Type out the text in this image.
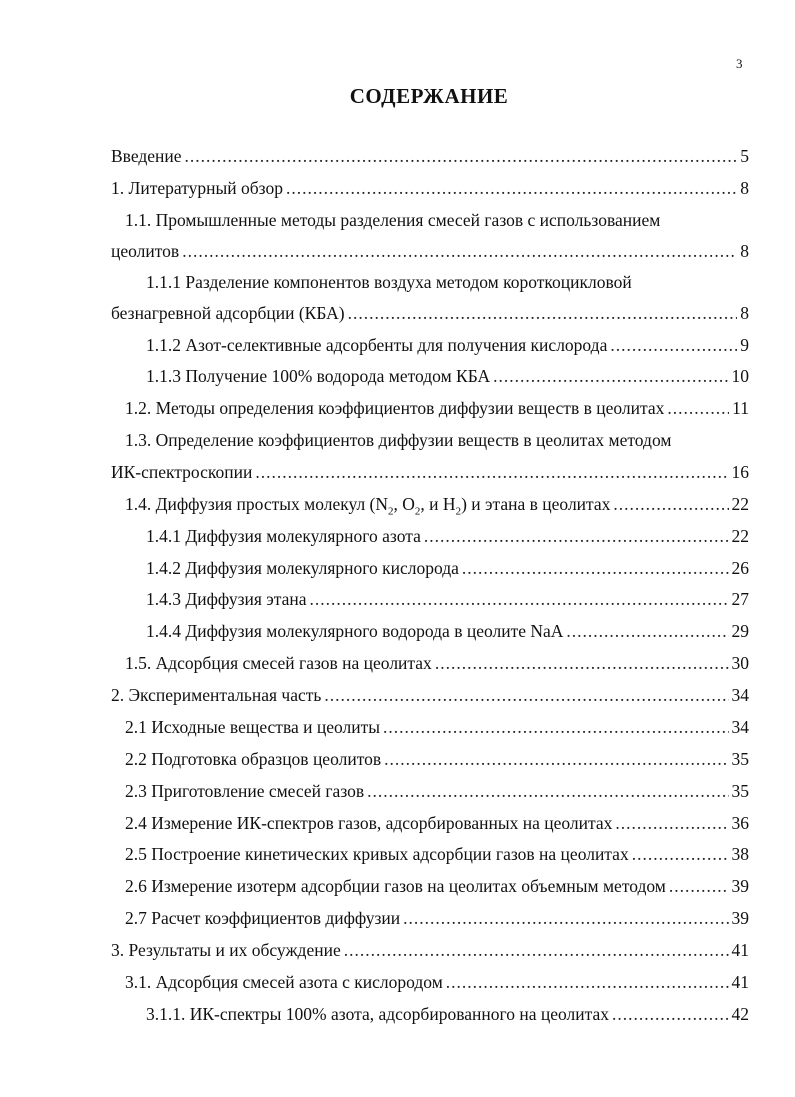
3
СОДЕРЖАНИЕ
Введение .....	5
1. Литературный обзор .....	8
1.1. Промышленные методы разделения смесей газов с использованием
цеолитов .....	8
1.1.1 Разделение компонентов воздуха методом короткоцикловой
безнагревной адсорбции (КБА) .....	8
1.1.2 Азот-селективные адсорбенты для получения кислорода .....	9
1.1.3 Получение 100% водорода методом КБА .....	10
1.2. Методы определения коэффициентов диффузии веществ в цеолитах .....	11
1.3. Определение коэффициентов диффузии веществ в цеолитах методом
ИК-спектроскопии .....	16
1.4. Диффузия простых молекул ($N_2$, $O_2$, и $H_2$) и этана в цеолитах .....	22
1.4.1 Диффузия молекулярного азота .....	22
1.4.2 Диффузия молекулярного кислорода .....	26
1.4.3 Диффузия этана .....	27
1.4.4 Диффузия молекулярного водорода в цеолите NaA .....	29
1.5. Адсорбция смесей газов на цеолитах .....	30
2. Экспериментальная часть .....	34
2.1 Исходные вещества и цеолиты .....	34
2.2 Подготовка образцов цеолитов .....	35
2.3 Приготовление смесей газов .....	35
2.4 Измерение ИК-спектров газов, адсорбированных на цеолитах .....	36
2.5 Построение кинетических кривых адсорбции газов на цеолитах .....	38
2.6 Измерение изотерм адсорбции газов на цеолитах объемным методом .....	39
2.7 Расчет коэффициентов диффузии .....	39
3. Результаты и их обсуждение .....	41
3.1. Адсорбция смесей азота с кислородом .....	41
3.1.1. ИК-спектры 100% азота, адсорбированного на цеолитах .....	42
